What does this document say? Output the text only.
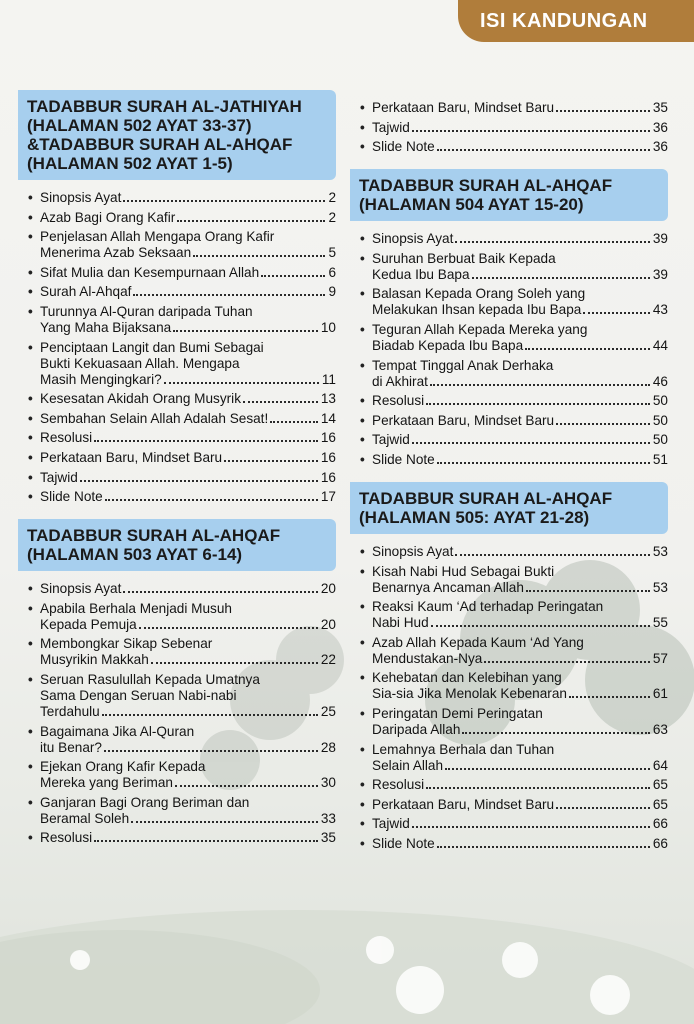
ISI KANDUNGAN
TADABBUR SURAH AL-JATHIYAH
(HALAMAN 502 AYAT 33-37)
&TADABBUR SURAH AL-AHQAF
(HALAMAN 502 AYAT 1-5)
• Sinopsis Ayat	2
• Azab Bagi Orang Kafir	2
• Penjelasan Allah Mengapa Orang Kafir
Menerima Azab Seksaan	5
• Sifat Mulia dan Kesempurnaan Allah	6
• Surah Al-Ahqaf	9
• Turunnya Al-Quran daripada Tuhan
Yang Maha Bijaksana	10
• Penciptaan Langit dan Bumi Sebagai
Bukti Kekuasaan Allah. Mengapa
Masih Mengingkari?	11
• Kesesatan Akidah Orang Musyrik	13
• Sembahan Selain Allah Adalah Sesat!	14
• Resolusi	16
• Perkataan Baru, Mindset Baru	16
• Tajwid	16
• Slide Note	17
TADABBUR SURAH AL-AHQAF
(HALAMAN 503 AYAT 6-14)
• Sinopsis Ayat	20
• Apabila Berhala Menjadi Musuh
Kepada Pemuja	20
• Membongkar Sikap Sebenar
Musyrikin Makkah	22
• Seruan Rasulullah Kepada Umatnya
Sama Dengan Seruan Nabi-nabi
Terdahulu	25
• Bagaimana Jika Al-Quran
itu Benar?	28
• Ejekan Orang Kafir Kepada
Mereka yang Beriman	30
• Ganjaran Bagi Orang Beriman dan
Beramal Soleh	33
• Resolusi	35
• Perkataan Baru, Mindset Baru	35
• Tajwid	36
• Slide Note	36
TADABBUR SURAH AL-AHQAF
(HALAMAN 504 AYAT 15-20)
• Sinopsis Ayat	39
• Suruhan Berbuat Baik Kepada
Kedua Ibu Bapa	39
• Balasan Kepada Orang Soleh yang
Melakukan Ihsan kepada Ibu Bapa	43
• Teguran Allah Kepada Mereka yang
Biadab Kepada Ibu Bapa	44
• Tempat Tinggal Anak Derhaka
di Akhirat	46
• Resolusi	50
• Perkataan Baru, Mindset Baru	50
• Tajwid	50
• Slide Note	51
TADABBUR SURAH AL-AHQAF
(HALAMAN 505: AYAT 21-28)
• Sinopsis Ayat	53
• Kisah Nabi Hud Sebagai Bukti
Benarnya Ancaman Allah	53
• Reaksi Kaum ‘Ad terhadap Peringatan
Nabi Hud	55
• Azab Allah Kepada Kaum ‘Ad Yang
Mendustakan-Nya	57
• Kehebatan dan Kelebihan yang
Sia-sia Jika Menolak Kebenaran	61
• Peringatan Demi Peringatan
Daripada Allah	63
• Lemahnya Berhala dan Tuhan
Selain Allah	64
• Resolusi	65
• Perkataan Baru, Mindset Baru	65
• Tajwid	66
• Slide Note	66
